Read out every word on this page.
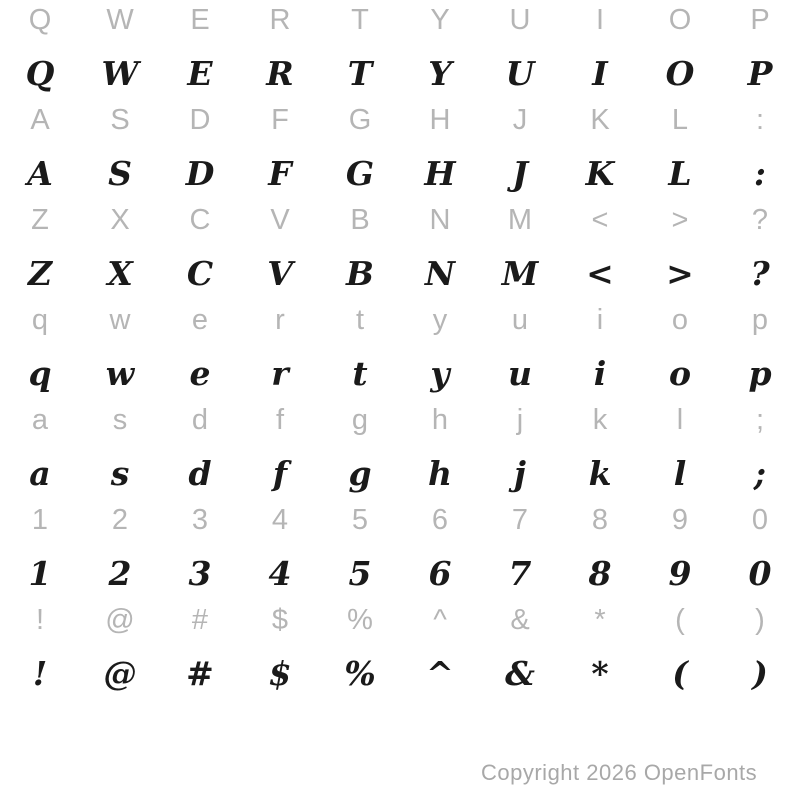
Q W E R T Y U I O P
Q W E R T Y U I O P
A S D F G H J K L :
A S D F G H J K L :
Z X C V B N M < > ?
Z X C V B N M < > ?
q w e r t y u i o p
q w e r t y u i o p
a s d f g h j k l	;
a s d f g h j k l ;
1 2 3 4 5 6 7 8 9 0
1 2 3 4 5 6 7 8 9 0
! @ # $ % ^ & * ( )
! @ # $ % ^ & * ( )
Copyright 2026 OpenFonts
